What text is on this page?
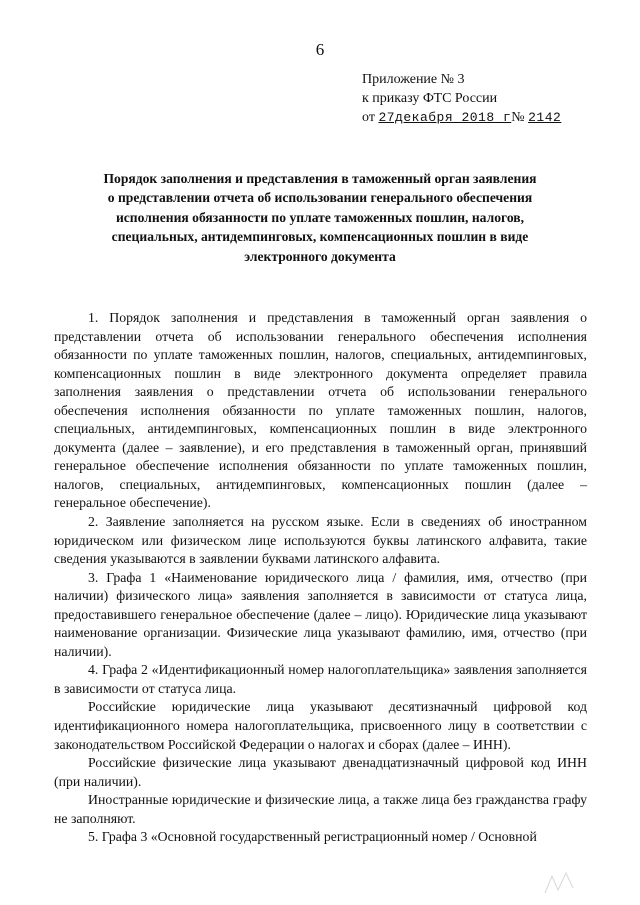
6
Приложение № 3
к приказу ФТС России
от 27декабря 2018 г№ 2142
Порядок заполнения и представления в таможенный орган заявления
о представлении отчета об использовании генерального обеспечения
исполнения обязанности по уплате таможенных пошлин, налогов,
специальных, антидемпинговых, компенсационных пошлин в виде
электронного документа

1. Порядок заполнения и представления в таможенный орган заявления о представлении отчета об использовании генерального обеспечения исполнения обязанности по уплате таможенных пошлин, налогов, специальных, антидемпинговых, компенсационных пошлин в виде электронного документа определяет правила заполнения заявления о представлении отчета об использовании генерального обеспечения исполнения обязанности по уплате таможенных пошлин, налогов, специальных, антидемпинговых, компенсационных пошлин в виде электронного документа (далее – заявление), и его представления в таможенный орган, принявший генеральное обеспечение исполнения обязанности по уплате таможенных пошлин, налогов, специальных, антидемпинговых, компенсационных пошлин (далее – генеральное обеспечение).

2. Заявление заполняется на русском языке. Если в сведениях об иностранном юридическом или физическом лице используются буквы латинского алфавита, такие сведения указываются в заявлении буквами латинского алфавита.

3. Графа 1 «Наименование юридического лица / фамилия, имя, отчество (при наличии) физического лица» заявления заполняется в зависимости от статуса лица, предоставившего генеральное обеспечение (далее – лицо). Юридические лица указывают наименование организации. Физические лица указывают фамилию, имя, отчество (при наличии).

4. Графа 2 «Идентификационный номер налогоплательщика» заявления заполняется в зависимости от статуса лица.

Российские юридические лица указывают десятизначный цифровой код идентификационного номера налогоплательщика, присвоенного лицу в соответствии с законодательством Российской Федерации о налогах и сборах (далее – ИНН).

Российские физические лица указывают двенадцатизначный цифровой код ИНН (при наличии).

Иностранные юридические и физические лица, а также лица без гражданства графу не заполняют.

5. Графа 3 «Основной государственный регистрационный номер / Основной
